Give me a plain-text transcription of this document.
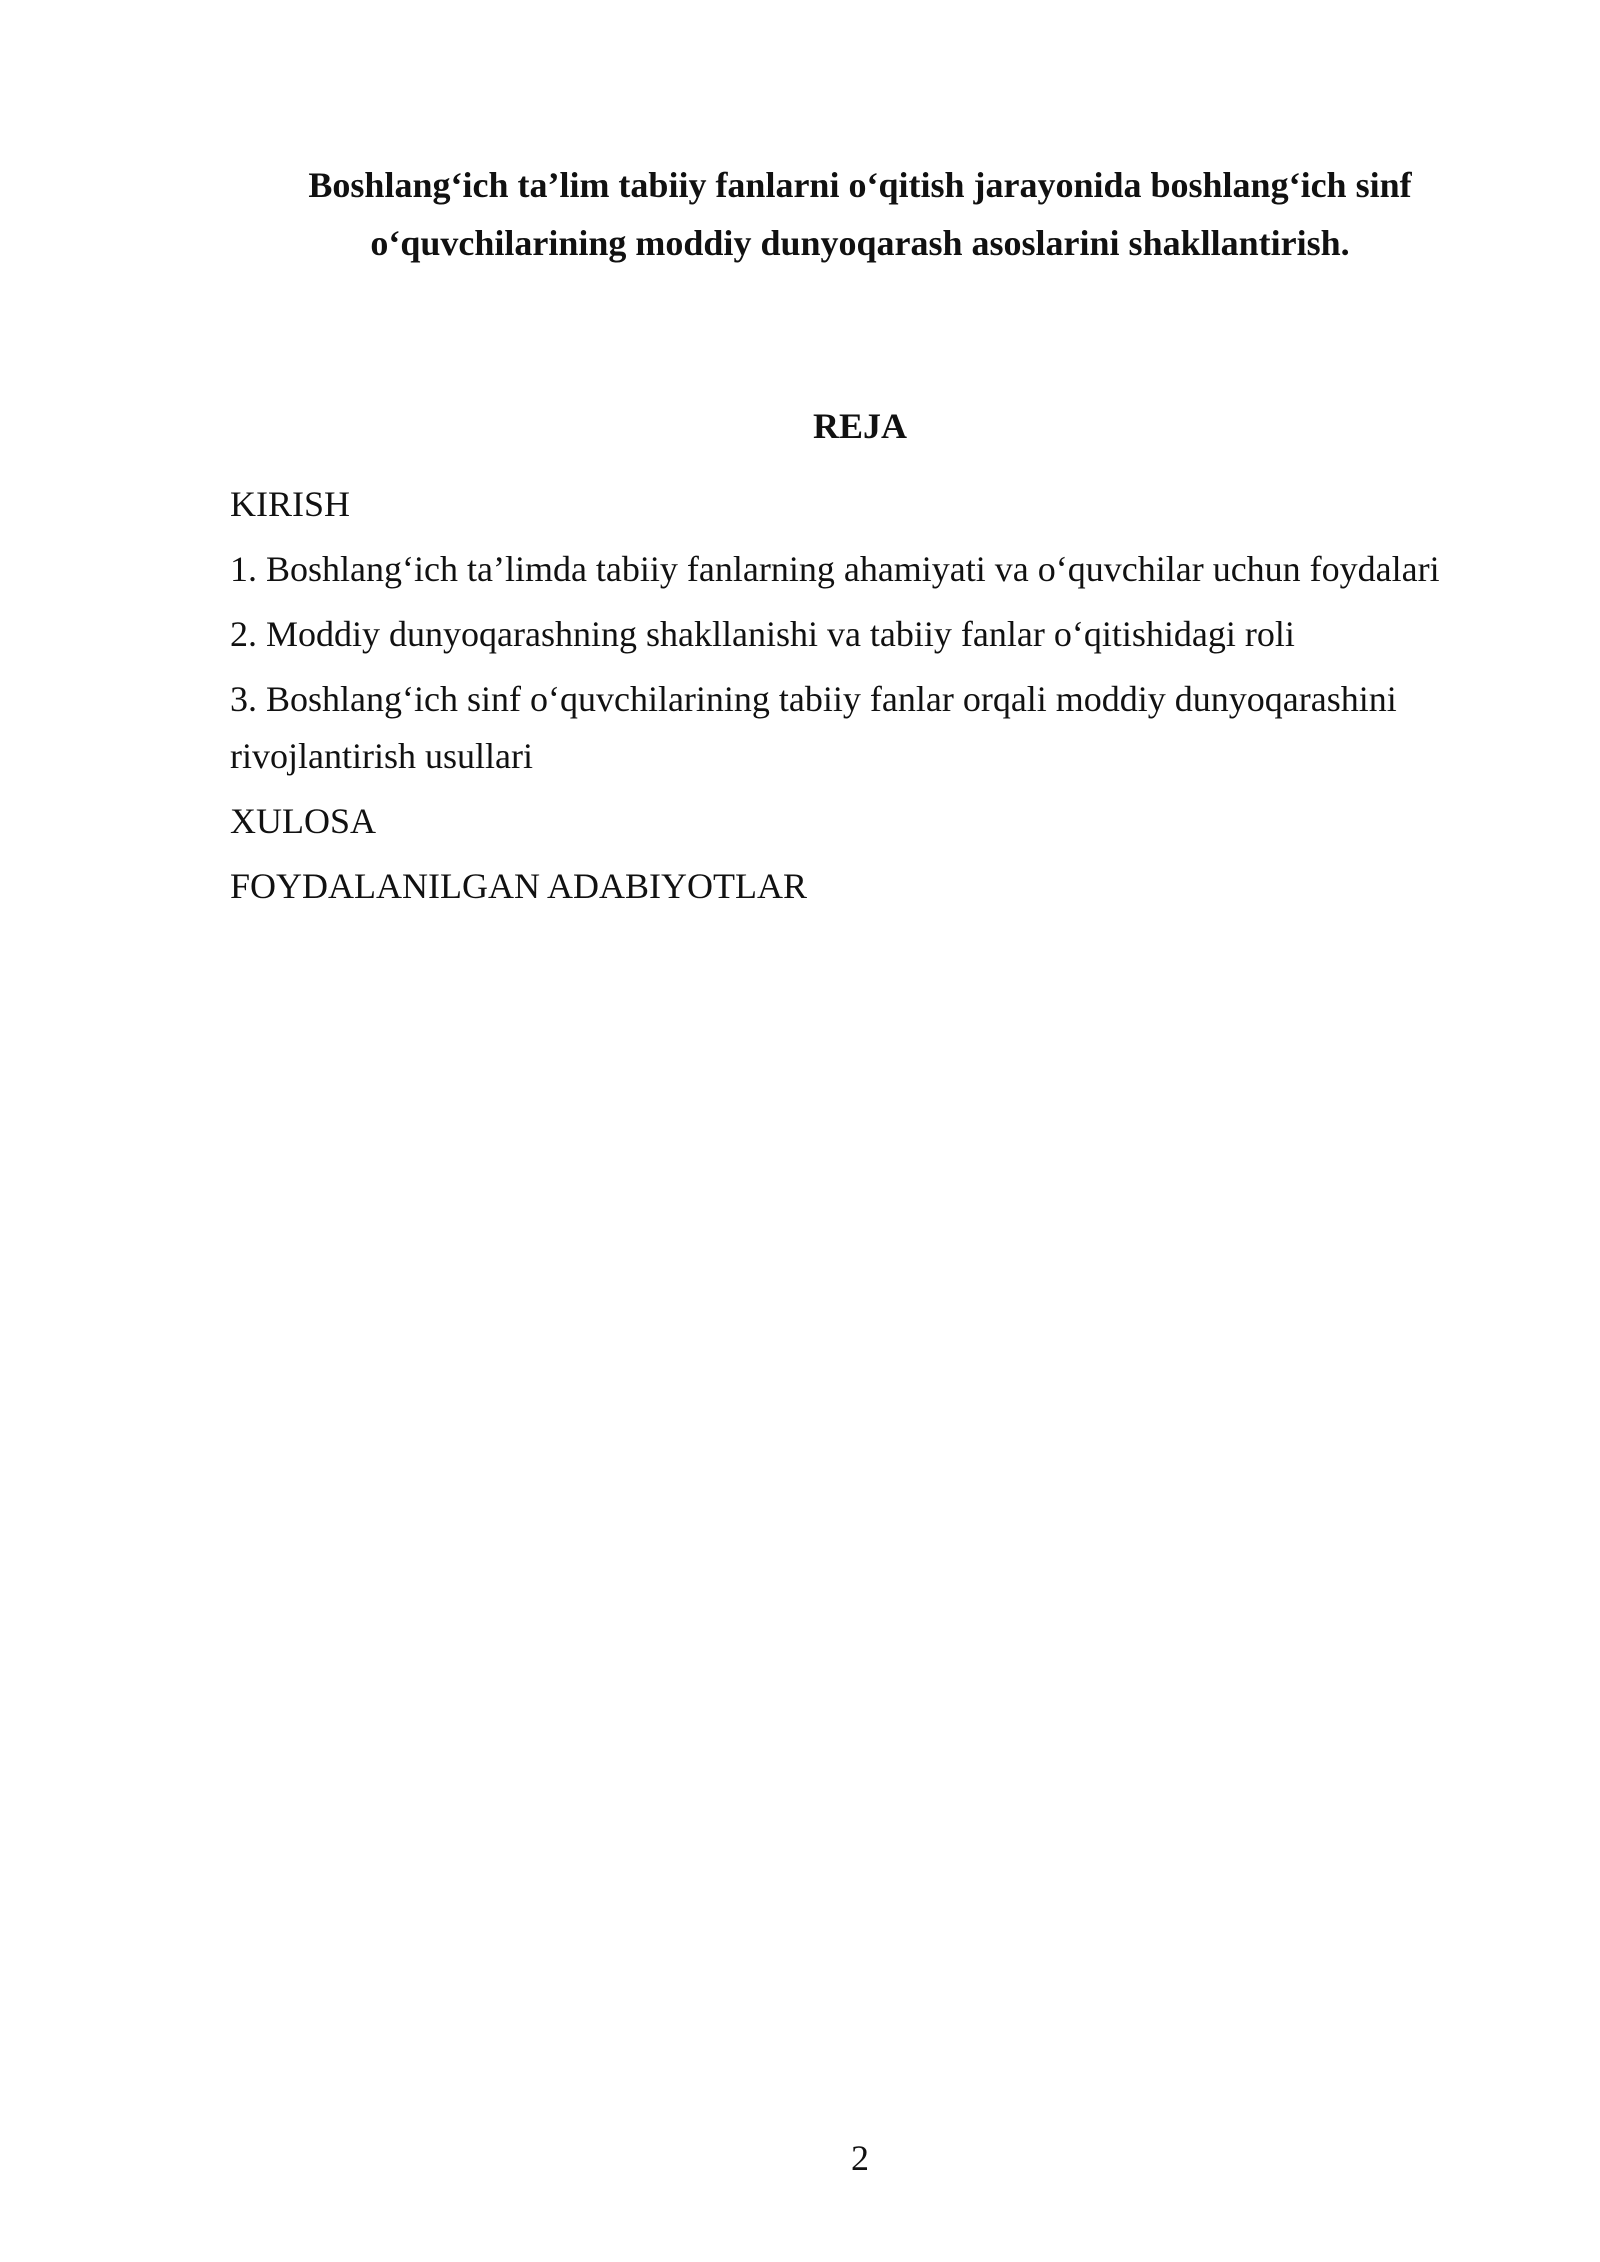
Boshlang‘ich ta’lim tabiiy fanlarni o‘qitish jarayonida boshlang‘ich sinf
o‘quvchilarining moddiy dunyoqarash asoslarini shakllantirish.
REJA
KIRISH
1. Boshlang‘ich ta’limda tabiiy fanlarning ahamiyati va o‘quvchilar uchun foydalari
2. Moddiy dunyoqarashning shakllanishi va tabiiy fanlar o‘qitishidagi roli
3. Boshlang‘ich sinf o‘quvchilarining tabiiy fanlar orqali moddiy dunyoqarashini rivojlantirish usullari
XULOSA
FOYDALANILGAN ADABIYOTLAR
2
